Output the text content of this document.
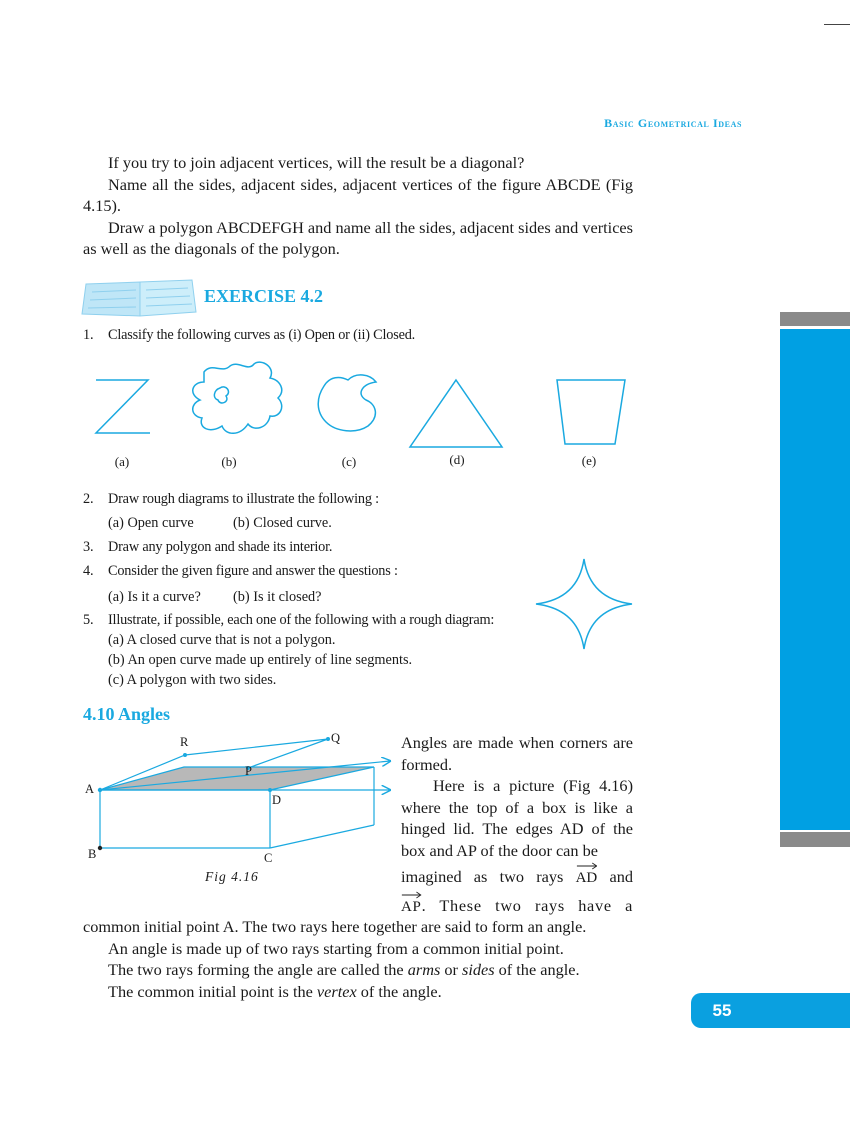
Basic Geometrical Ideas

If you try to join adjacent vertices, will the result be a diagonal?

Name all the sides, adjacent sides, adjacent vertices of the figure ABCDE (Fig 4.15).

Draw a polygon ABCDEFGH and name all the sides, adjacent sides and vertices as well as the diagonals of the polygon.

EXERCISE 4.2
1. Classify the following curves as (i) Open or (ii) Closed.
(a)	(b)	(c)	(d)	(e)
2. Draw rough diagrams to illustrate the following :
(a) Open curve	(b) Closed curve.
3. Draw any polygon and shade its interior.
4. Consider the given figure and answer the questions :
(a) Is it a curve? (b) Is it closed?
5. Illustrate, if possible, each one of the following with a rough diagram:
(a) A closed curve that is not a polygon.
(b) An open curve made up entirely of line segments.
(c) A polygon with two sides.
4.10 Angles
R	Q
P
A
D
B	C
Fig 4.16

Angles are made when corners are formed.

Here is a picture (Fig 4.16) where the top of a box is like a hinged lid. The edges AD of the box and AP of the door can be

imagined as two rays AD and

AP. These two rays have a

common initial point A. The two rays here together are said to form an angle.

An angle is made up of two rays starting from a common initial point.

The two rays forming the angle are called the arms or sides of the angle.

The common initial point is the vertex of the angle.

55
